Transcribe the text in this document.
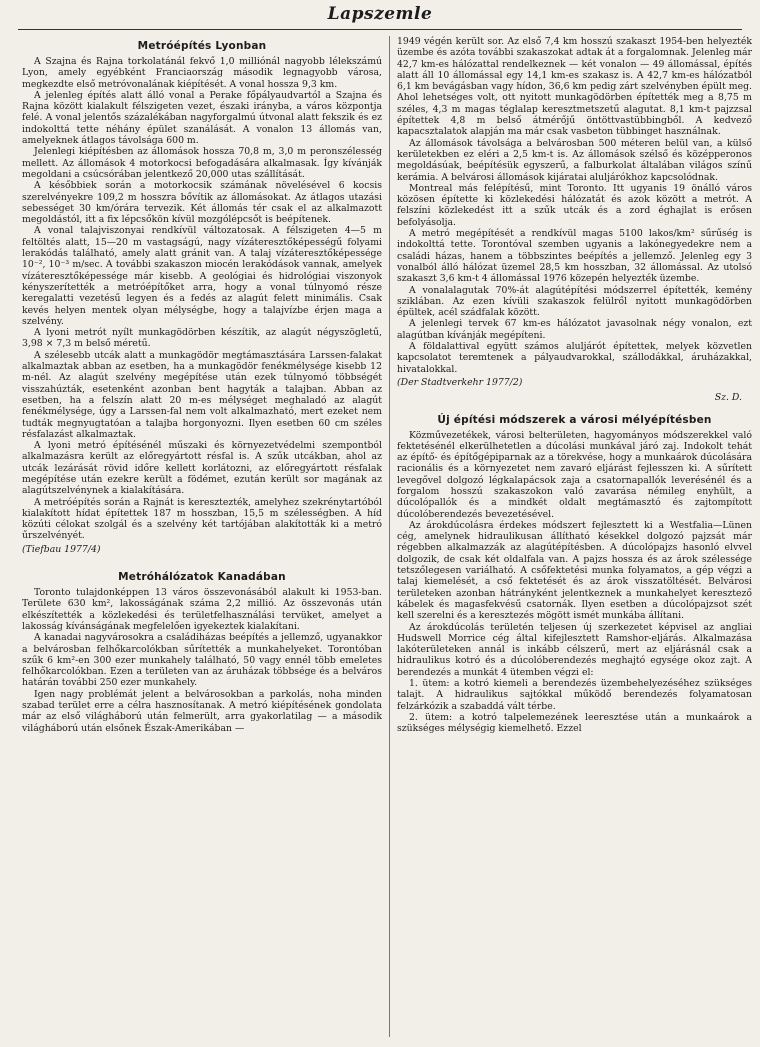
Lapszemle
Metróépítés Lyonban

A Szajna és Rajna torkolatánál fekvő 1,0 milliónál nagyobb lélekszámú Lyon, amely egyébként Franciaország második legnagyobb városa, megkezdte első metróvonalának kiépítését. A vonal hossza 9,3 km.

A jelenleg építés alatt álló vonal a Perake főpályaudvartól a Szajna és Rajna között kialakult félszigeten vezet, északi irányba, a város központja felé. A vonal jelentős százalékában nagyforgalmú útvonal alatt fekszik és ez indokolttá tette néhány épület szanálását. A vonalon 13 állomás van, amelyeknek átlagos távolsága 600 m.

Jelenlegi kiépítésben az állomások hossza 70,8 m, 3,0 m peronszélesség mellett. Az állomások 4 motorkocsi befogadására alkalmasak. Így kívánják megoldani a csúcsórában jelentkező 20,000 utas szállítását.

A későbbiek során a motorkocsik számának növelésével 6 kocsis szerelvényekre 109,2 m hosszra bővítik az állomásokat. Az átlagos utazási sebességet 30 km/órára tervezik. Két állomás tér csak el az alkalmazott megoldástól, itt a fix lépcsőkön kívül mozgólépcsőt is beépítenek.

A vonal talajviszonyai rendkívül változatosak. A félszigeten 4—5 m feltöltés alatt, 15—20 m vastagságú, nagy vízáteresztőképességű folyami lerakódás található, amely alatt gránit van. A talaj vízáteresztőképessége 10⁻², 10⁻³ m/sec. A további szakaszon miocén lerakódások vannak, amelyek vízáteresztőképessége már kisebb. A geológiai és hidrológiai viszonyok kényszerítették a metróépítőket arra, hogy a vonal túlnyomó része keregalatti vezetésű legyen és a fedés az alagút felett minimális. Csak kevés helyen mentek olyan mélységbe, hogy a talajvízbe érjen maga a szelvény.

A lyoni metrót nyílt munkagödörben készítik, az alagút négyszögletű, 3,98 × 7,3 m belső méretű.

A szélesebb utcák alatt a munkagödör megtámasztására Larssen-falakat alkalmaztak abban az esetben, ha a munkagödör fenékmélysége kisebb 12 m-nél. Az alagút szelvény megépítése után ezek túlnyomó többségét visszahúzták, esetenként azonban bent hagyták a talajban. Abban az esetben, ha a felszín alatt 20 m-es mélységet meghaladó az alagút fenékmélysége, úgy a Larssen-fal nem volt alkalmazható, mert ezeket nem tudták megnyugtatóan a talajba horgonyozni. Ilyen esetben 60 cm széles résfalazást alkalmaztak.

A lyoni metró építésénél műszaki és környezetvédelmi szempontból alkalmazásra került az előregyártott résfal is. A szűk utcákban, ahol az utcák lezárását rövid időre kellett korlátozni, az előregyártott résfalak megépítése után ezekre került a födémet, ezután került sor magának az alagútszelvénynek a kialakítására.

A metróépítés során a Rajnát is keresztezték, amelyhez szekrénytartóból kialakított hídat építettek 187 m hosszban, 15,5 m szélességben. A híd közúti célokat szolgál és a szelvény két tartójában alakították ki a metró űrszelvényét.

(Tiefbau 1977/4)
Metróhálózatok Kanadában

Toronto tulajdonképpen 13 város összevonásából alakult ki 1953-ban. Területe 630 km², lakosságának száma 2,2 millió. Az összevonás után elkészítették a közlekedési és területfelhasználási tervüket, amelyet a lakosság kívánságának megfelelően igyekeztek kialakítani.

A kanadai nagyvárosokra a családiházas beépítés a jellemző, ugyanakkor a belvárosban felhőkarcolókban sűrítették a munkahelyeket. Torontóban szűk 6 km²-en 300 ezer munkahely található, 50 vagy ennél több emeletes felhőkarcolókban. Ezen a területen van az áruházak többsége és a belváros határán további 250 ezer munkahely.

Igen nagy problémát jelent a belvárosokban a parkolás, noha minden szabad terület erre a célra hasznosítanak. A metró kiépítésének gondolata már az első világháború után felmerült, arra gyakorlatilag — a második világháború után elsőnek Észak-Amerikában —

1949 végén került sor. Az első 7,4 km hosszú szakaszt 1954-ben helyezték üzembe és azóta további szakaszokat adtak át a forgalomnak. Jelenleg már 42,7 km-es hálózattal rendelkeznek — két vonalon — 49 állomással, építés alatt áll 10 állomással egy 14,1 km-es szakasz is. A 42,7 km-es hálózatból 6,1 km bevágásban vagy hídon, 36,6 km pedig zárt szelvényben épült meg. Ahol lehetséges volt, ott nyitott munkagödörben építették meg a 8,75 m széles, 4,3 m magas téglalap keresztmetszetű alagutat. 8,1 km-t pajzzsal építettek 4,8 m belső átmérőjű öntöttvastübbingből. A kedvező kapacsztalatok alapján ma már csak vasbeton tübbinget használnak.

Az állomások távolsága a belvárosban 500 méteren belül van, a külső kerületekben ez eléri a 2,5 km-t is. Az állomások szélső és középperonos megoldásúak, beépítésük egyszerű, a falburkolat általában világos színű kerámia. A belvárosi állomások kijáratai aluljárókhoz kapcsolódnak.

Montreal más felépítésű, mint Toronto. Itt ugyanis 19 önálló város közösen építette ki közlekedési hálózatát és azok között a metrót. A felszíni közlekedést itt a szűk utcák és a zord éghajlat is erősen befolyásolja.

A metró megépítését a rendkívül magas 5100 lakos/km² sűrűség is indokolttá tette. Torontóval szemben ugyanis a lakónegyedekre nem a családi házas, hanem a többszintes beépítés a jellemző. Jelenleg egy 3 vonalból álló hálózat üzemel 28,5 km hosszban, 32 állomással. Az utolsó szakaszt 3,6 km-t 4 állomással 1976 közepén helyezték üzembe.

A vonalalagutak 70%-át alagútépítési módszerrel építették, kemény sziklában. Az ezen kívüli szakaszok felülről nyitott munkagödörben épültek, acél szádfalak között.

A jelenlegi tervek 67 km-es hálózatot javasolnak négy vonalon, ezt alagútban kívánják megépíteni.

A földalattival együtt számos aluljárót építettek, melyek közvetlen kapcsolatot teremtenek a pályaudvarokkal, szállodákkal, áruházakkal, hivatalokkal.

(Der Stadtverkehr 1977/2)
Sz. D.
Új építési módszerek a városi mélyépítésben

Közművezetékek, városi belterületen, hagyományos módszerekkel való fektetésénél elkerülhetetlen a dúcolási munkával járó zaj. Indokolt tehát az építő- és építőgépiparnak az a törekvése, hogy a munkaárok dúcolására racionális és a környezetet nem zavaró eljárást fejlesszen ki. A sűrített levegővel dolgozó légkalapácsok zaja a csatornapallók leverésénél és a forgalom hosszú szakaszokon való zavarása némileg enyhült, a dúcolópallók és a mindkét oldalt megtámasztó és zajtompított dúcolóberendezés bevezetésével.

Az árokdúcolásra érdekes módszert fejlesztett ki a Westfalia—Lünen cég, amelynek hidraulikusan állítható késekkel dolgozó pajzsát már régebben alkalmazzák az alagútépítésben. A dúcolópajzs hasonló elvvel dolgozik, de csak két oldalfala van. A pajzs hossza és az árok szélessége tetszőlegesen variálható. A csőfektetési munka folyamatos, a gép végzi a talaj kiemelését, a cső fektetését és az árok visszatöltését. Belvárosi területeken azonban hátrányként jelentkeznek a munkahelyet keresztező kábelek és magasfekvésű csatornák. Ilyen esetben a dúcolópajzsot szét kell szerelni és a keresztezés mögött ismét munkába állítani.

Az árokdúcolás területén teljesen új szerkezetet képvisel az angliai Hudswell Morrice cég által kifejlesztett Ramshor-eljárás. Alkalmazása lakóterületeken annál is inkább célszerű, mert az eljárásnál csak a hidraulikus kotró és a dúcolóberendezés meghajtó egysége okoz zajt. A berendezés a munkát 4 ütemben végzi el:

1. ütem: a kotró kiemeli a berendezés üzembehelyezéséhez szükséges talajt. A hidraulikus sajtókkal működő berendezés folyamatosan felzárkózik a szabaddá vált térbe.

2. ütem: a kotró talpelemezének leeresztése után a munkaárok a szükséges mélységig kiemelhető. Ezzel
